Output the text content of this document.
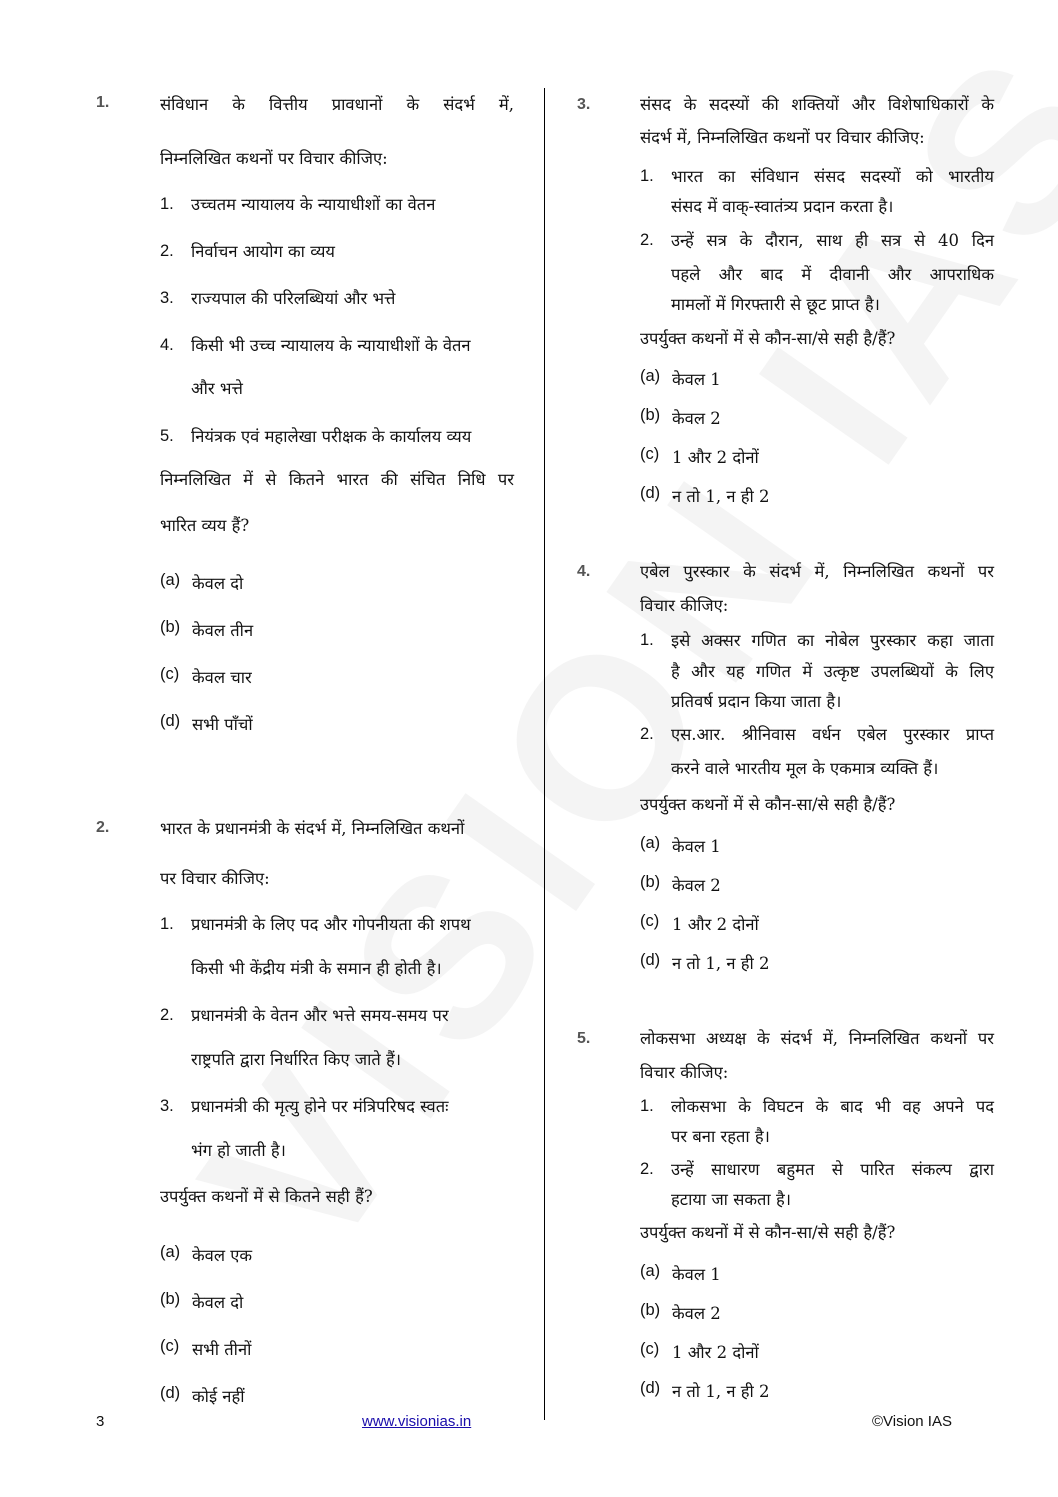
1.	संविधान के वित्तीय प्रावधानों के संदर्भ में,
निम्नलिखित कथनों पर विचार कीजिए:
1. उच्चतम न्यायालय के न्यायाधीशों का वेतन
2. निर्वाचन आयोग का व्यय
3. राज्यपाल की परिलब्धियां और भत्ते
4. किसी भी उच्च न्यायालय के न्यायाधीशों के वेतन
और भत्ते
5. नियंत्रक एवं महालेखा परीक्षक के कार्यालय व्यय
निम्नलिखित में से कितने भारत की संचित निधि पर
भारित व्यय हैं?
(a) केवल दो
(b) केवल तीन
(c) केवल चार
(d) सभी पाँचों
2.	भारत के प्रधानमंत्री के संदर्भ में, निम्नलिखित कथनों
पर विचार कीजिए:
1. प्रधानमंत्री के लिए पद और गोपनीयता की शपथ
किसी भी केंद्रीय मंत्री के समान ही होती है।
2. प्रधानमंत्री के वेतन और भत्ते समय-समय पर
राष्ट्रपति द्वारा निर्धारित किए जाते हैं।
3. प्रधानमंत्री की मृत्यु होने पर मंत्रिपरिषद स्वतः
भंग हो जाती है।
उपर्युक्त कथनों में से कितने सही हैं?
(a) केवल एक
(b) केवल दो
(c) सभी तीनों
(d) कोई नहीं
3.	संसद के सदस्यों की शक्तियों और विशेषाधिकारों के
संदर्भ में, निम्नलिखित कथनों पर विचार कीजिए:
1. भारत का संविधान संसद सदस्यों को भारतीय
संसद में वाक्-स्वातंत्र्य प्रदान करता है।
2. उन्हें सत्र के दौरान, साथ ही सत्र से 40 दिन
पहले और बाद में दीवानी और आपराधिक
मामलों में गिरफ्तारी से छूट प्राप्त है।
उपर्युक्त कथनों में से कौन-सा/से सही है/हैं?
(a) केवल 1
(b) केवल 2
(c) 1 और 2 दोनों
(d) न तो 1, न ही 2
4.	एबेल पुरस्कार के संदर्भ में, निम्नलिखित कथनों पर
विचार कीजिए:
1. इसे अक्सर गणित का नोबेल पुरस्कार कहा जाता
है और यह गणित में उत्कृष्ट उपलब्धियों के लिए
प्रतिवर्ष प्रदान किया जाता है।
2. एस.आर. श्रीनिवास वर्धन एबेल पुरस्कार प्राप्त
करने वाले भारतीय मूल के एकमात्र व्यक्ति हैं।
उपर्युक्त कथनों में से कौन-सा/से सही है/हैं?
(a) केवल 1
(b) केवल 2
(c) 1 और 2 दोनों
(d) न तो 1, न ही 2
5.	लोकसभा अध्यक्ष के संदर्भ में, निम्नलिखित कथनों पर
विचार कीजिए:
1. लोकसभा के विघटन के बाद भी वह अपने पद
पर बना रहता है।
2. उन्हें साधारण बहुमत से पारित संकल्प द्वारा
हटाया जा सकता है।
उपर्युक्त कथनों में से कौन-सा/से सही है/हैं?
(a) केवल 1
(b) केवल 2
(c) 1 और 2 दोनों
(d) न तो 1, न ही 2
3	www.visionias.in	©Vision IAS
